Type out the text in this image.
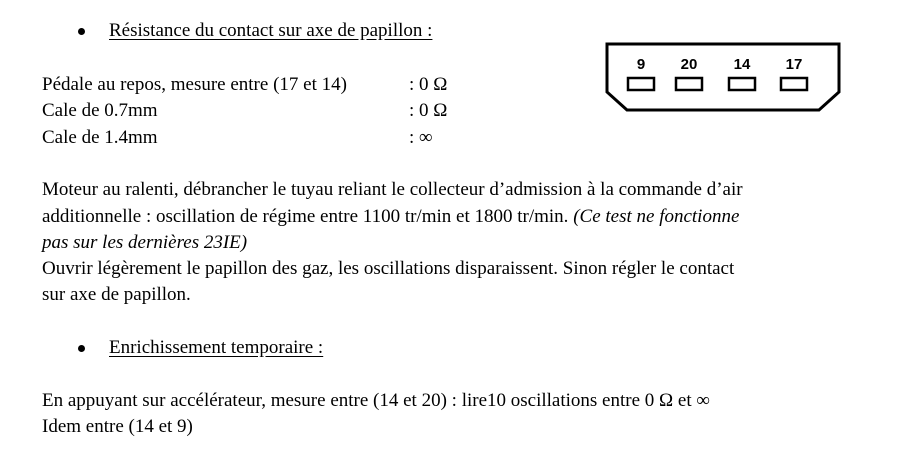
Résistance du contact sur axe de papillon :
Pédale au repos, mesure entre (17 et 14)	: 0 Ω
Cale de 0.7mm	: 0 Ω
Cale de 1.4mm	: ∞
9 20 14 17
Moteur au ralenti, débrancher le tuyau reliant le collecteur d’admission à la commande d’air
additionnelle : oscillation de régime entre 1100 tr/min et 1800 tr/min. (Ce test ne fonctionne
pas sur les dernières 23IE)
Ouvrir légèrement le papillon des gaz, les oscillations disparaissent. Sinon régler le contact
sur axe de papillon.
Enrichissement temporaire :
En appuyant sur accélérateur, mesure entre (14 et 20) : lire10 oscillations entre 0 Ω et ∞
Idem entre (14 et 9)
